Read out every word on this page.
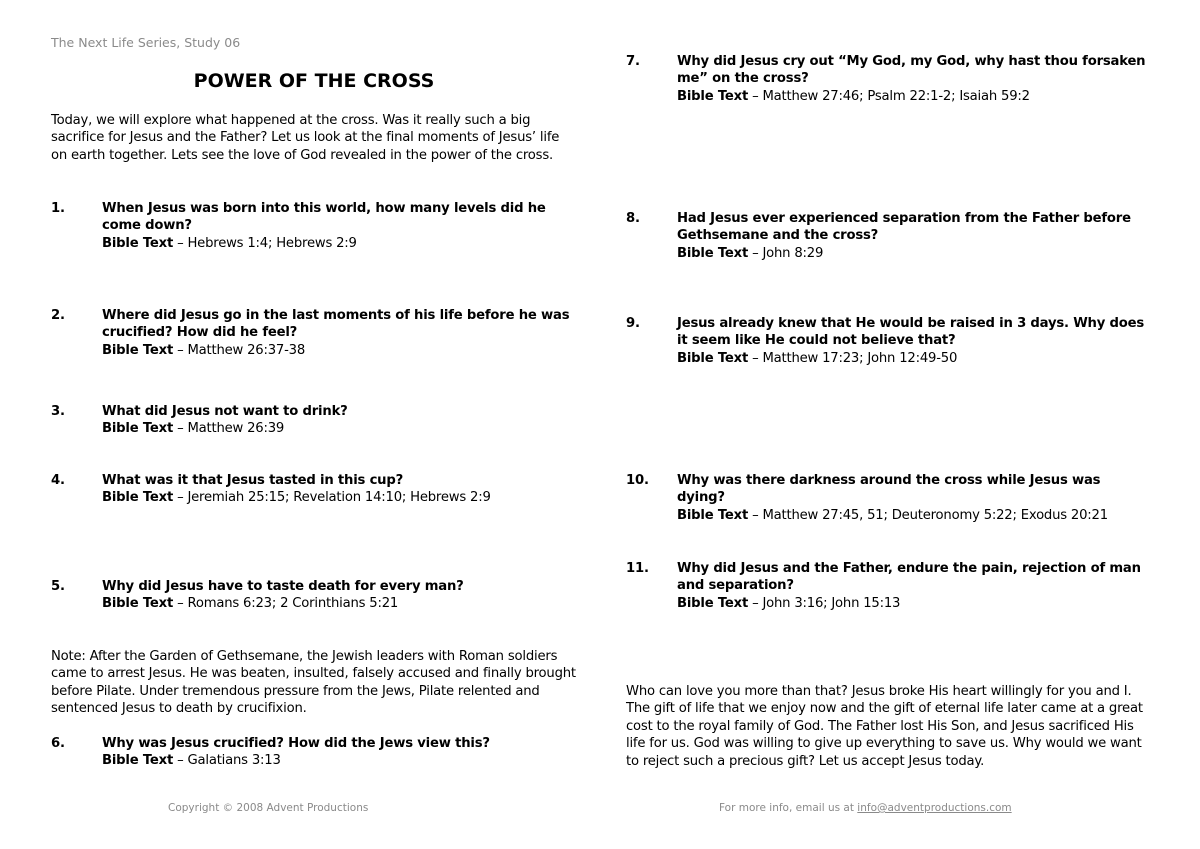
The Next Life Series, Study 06
POWER OF THE CROSS
Today, we will explore what happened at the cross. Was it really such a big sacrifice for Jesus and the Father? Let us look at the final moments of Jesus’ life on earth together. Lets see the love of God revealed in the power of the cross.
1.	When Jesus was born into this world, how many levels did he come down?
Bible Text – Hebrews 1:4; Hebrews 2:9
2.	Where did Jesus go in the last moments of his life before he was crucified? How did he feel?
Bible Text – Matthew 26:37-38
3.	What did Jesus not want to drink?
Bible Text – Matthew 26:39
4.	What was it that Jesus tasted in this cup?
Bible Text – Jeremiah 25:15; Revelation 14:10; Hebrews 2:9
5.	Why did Jesus have to taste death for every man?
Bible Text – Romans 6:23; 2 Corinthians 5:21
Note: After the Garden of Gethsemane, the Jewish leaders with Roman soldiers came to arrest Jesus. He was beaten, insulted, falsely accused and finally brought before Pilate. Under tremendous pressure from the Jews, Pilate relented and sentenced Jesus to death by crucifixion.
6.	Why was Jesus crucified? How did the Jews view this?
Bible Text – Galatians 3:13
7.	Why did Jesus cry out “My God, my God, why hast thou forsaken me” on the cross?
Bible Text – Matthew 27:46; Psalm 22:1-2; Isaiah 59:2
8.	Had Jesus ever experienced separation from the Father before Gethsemane and the cross?
Bible Text – John 8:29
9.	Jesus already knew that He would be raised in 3 days. Why does it seem like He could not believe that?
Bible Text – Matthew 17:23; John 12:49-50
10. Why was there darkness around the cross while Jesus was dying?
Bible Text – Matthew 27:45, 51; Deuteronomy 5:22; Exodus 20:21
11. Why did Jesus and the Father, endure the pain, rejection of man and separation?
Bible Text – John 3:16; John 15:13
Who can love you more than that? Jesus broke His heart willingly for you and I. The gift of life that we enjoy now and the gift of eternal life later came at a great cost to the royal family of God. The Father lost His Son, and Jesus sacrificed His life for us. God was willing to give up everything to save us. Why would we want to reject such a precious gift? Let us accept Jesus today.
Copyright © 2008 Advent Productions	For more info, email us at info@adventproductions.com
